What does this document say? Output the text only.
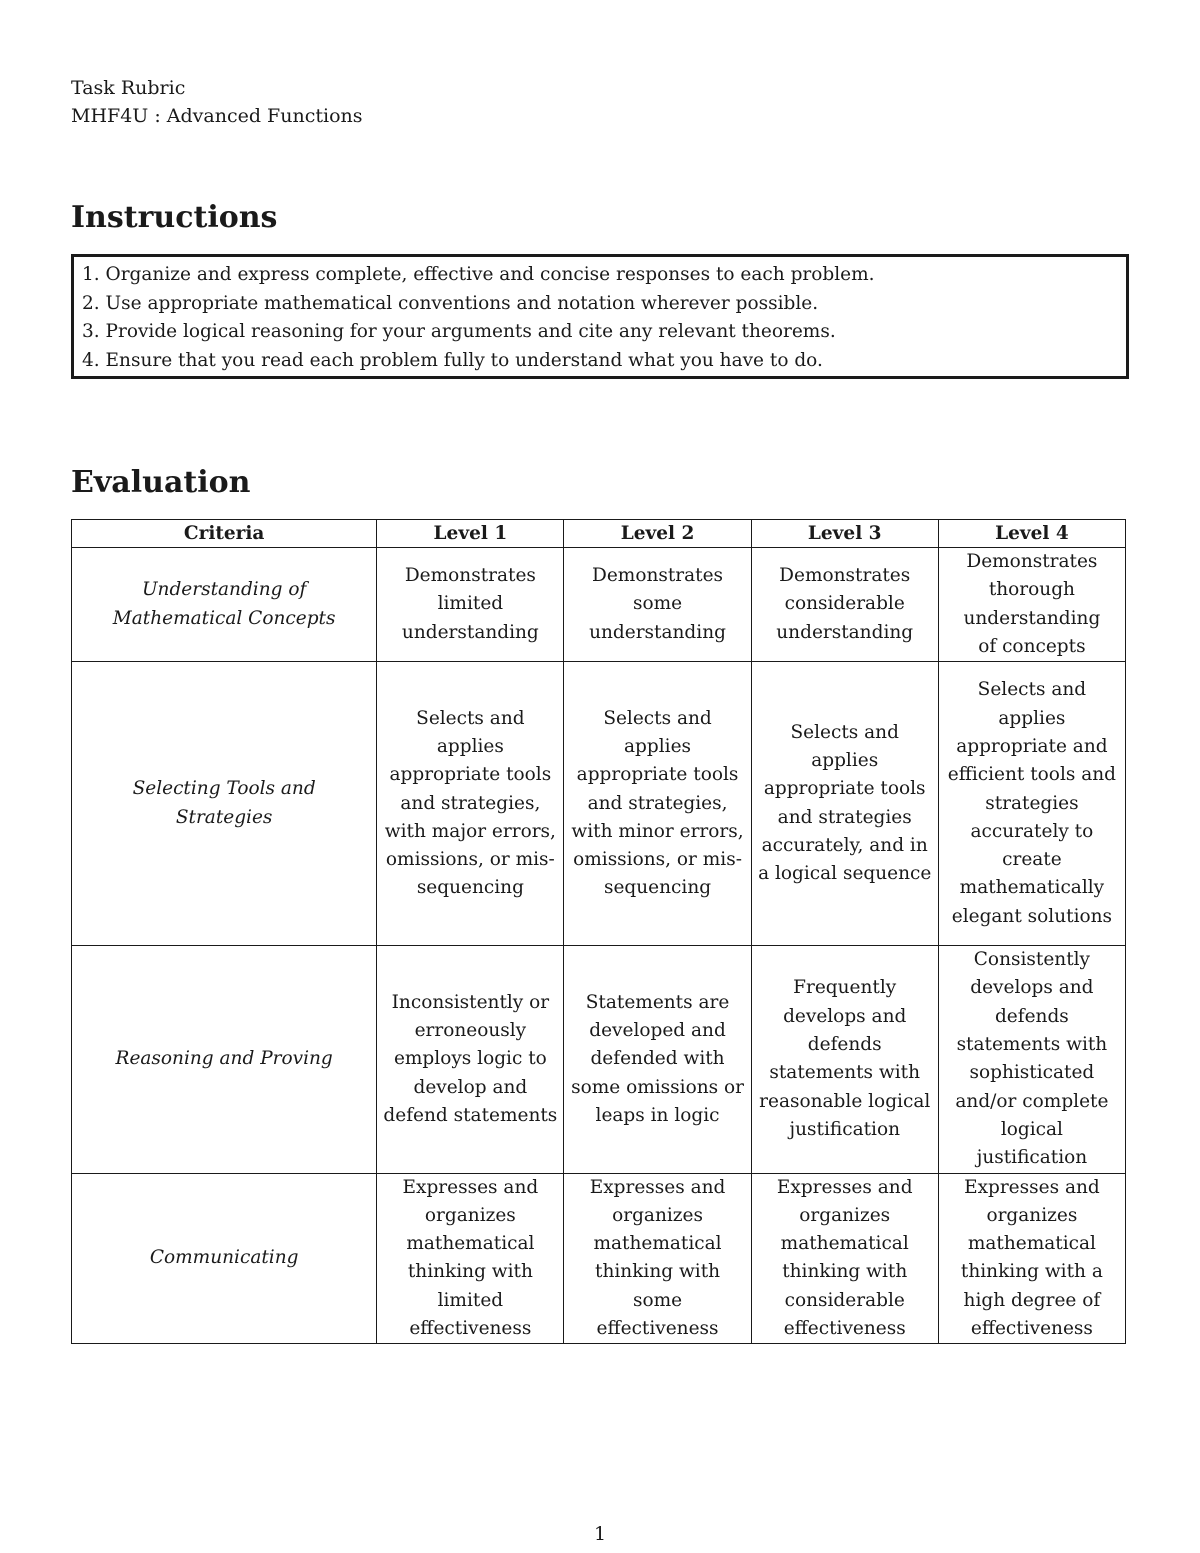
Task Rubric
MHF4U : Advanced Functions
Instructions
1. Organize and express complete, effective and concise responses to each problem.
2. Use appropriate mathematical conventions and notation wherever possible.
3. Provide logical reasoning for your arguments and cite any relevant theorems.
4. Ensure that you read each problem fully to understand what you have to do.
Evaluation
Criteria	Level 1	Level 2	Level 3	Level 4

Understanding of Mathematical Concepts	Demonstrates limited understanding	Demonstrates some understanding	Demonstrates considerable understanding	Demonstrates thorough understanding of concepts

Selecting Tools and Strategies	Selects and applies appropriate tools and strategies, with major errors, omissions, or mis-sequencing	Selects and applies appropriate tools and strategies, with minor errors, omissions, or mis-sequencing	Selects and applies appropriate tools and strategies accurately, and in a logical sequence	Selects and applies appropriate and efficient tools and strategies accurately to create mathematically elegant solutions

Reasoning and Proving	Inconsistently or erroneously employs logic to develop and defend statements	Statements are developed and defended with some omissions or leaps in logic	Frequently develops and defends statements with reasonable logical justification	Consistently develops and defends statements with sophisticated and/or complete logical justification

Communicating	Expresses and organizes mathematical thinking with limited effectiveness	Expresses and organizes mathematical thinking with some effectiveness	Expresses and organizes mathematical thinking with considerable effectiveness	Expresses and organizes mathematical thinking with a high degree of effectiveness
1
